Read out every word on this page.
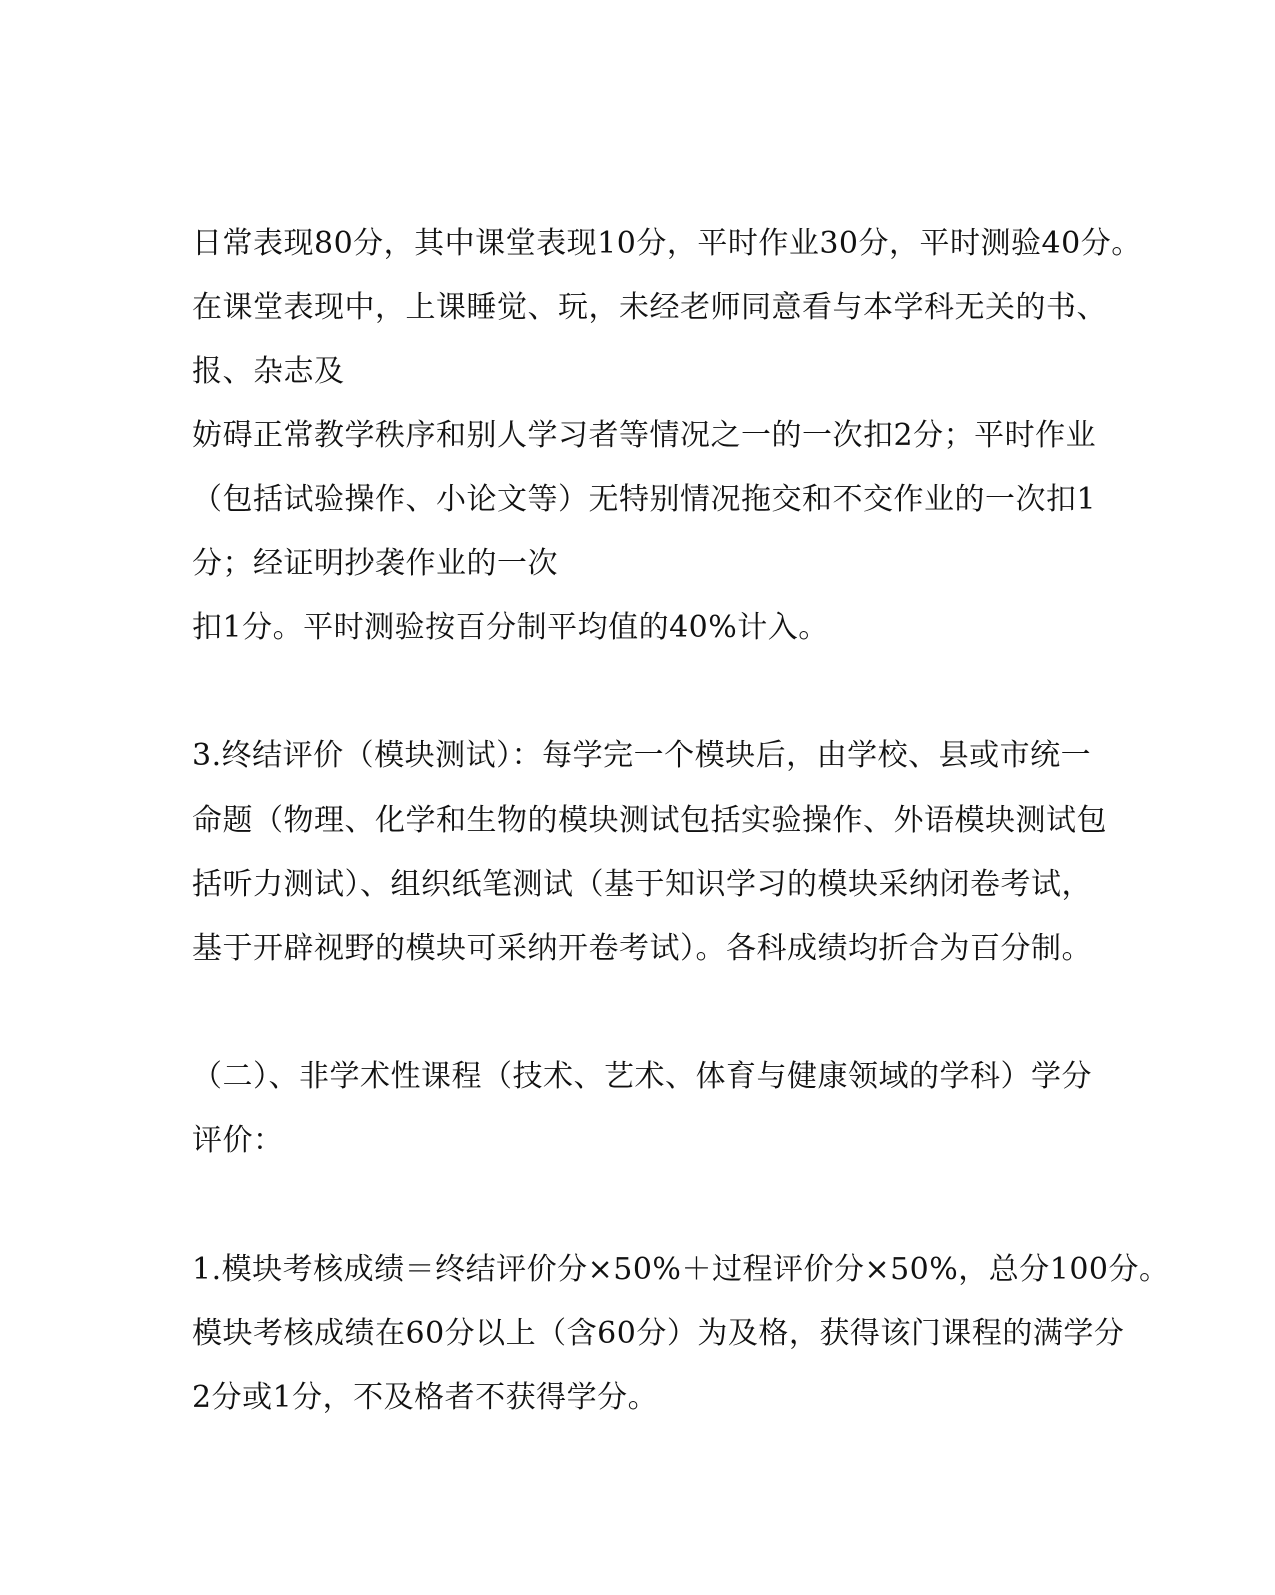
日常表现80分，其中课堂表现10分，平时作业30分，平时测验40分。
在课堂表现中，上课睡觉、玩，未经老师同意看与本学科无关的书、
报、杂志及
妨碍正常教学秩序和别人学习者等情况之一的一次扣2分；平时作业
（包括试验操作、小论文等）无特别情况拖交和不交作业的一次扣1
分；经证明抄袭作业的一次
扣1分。平时测验按百分制平均值的40%计入。
3.终结评价（模块测试）：每学完一个模块后，由学校、县或市统一
命题（物理、化学和生物的模块测试包括实验操作、外语模块测试包
括听力测试）、组织纸笔测试（基于知识学习的模块采纳闭卷考试，
基于开辟视野的模块可采纳开卷考试）。各科成绩均折合为百分制。
（二）、非学术性课程（技术、艺术、体育与健康领域的学科）学分
评价：
1.模块考核成绩＝终结评价分×50%＋过程评价分×50%，总分100分。
模块考核成绩在60分以上（含60分）为及格，获得该门课程的满学分
2分或1分，不及格者不获得学分。
